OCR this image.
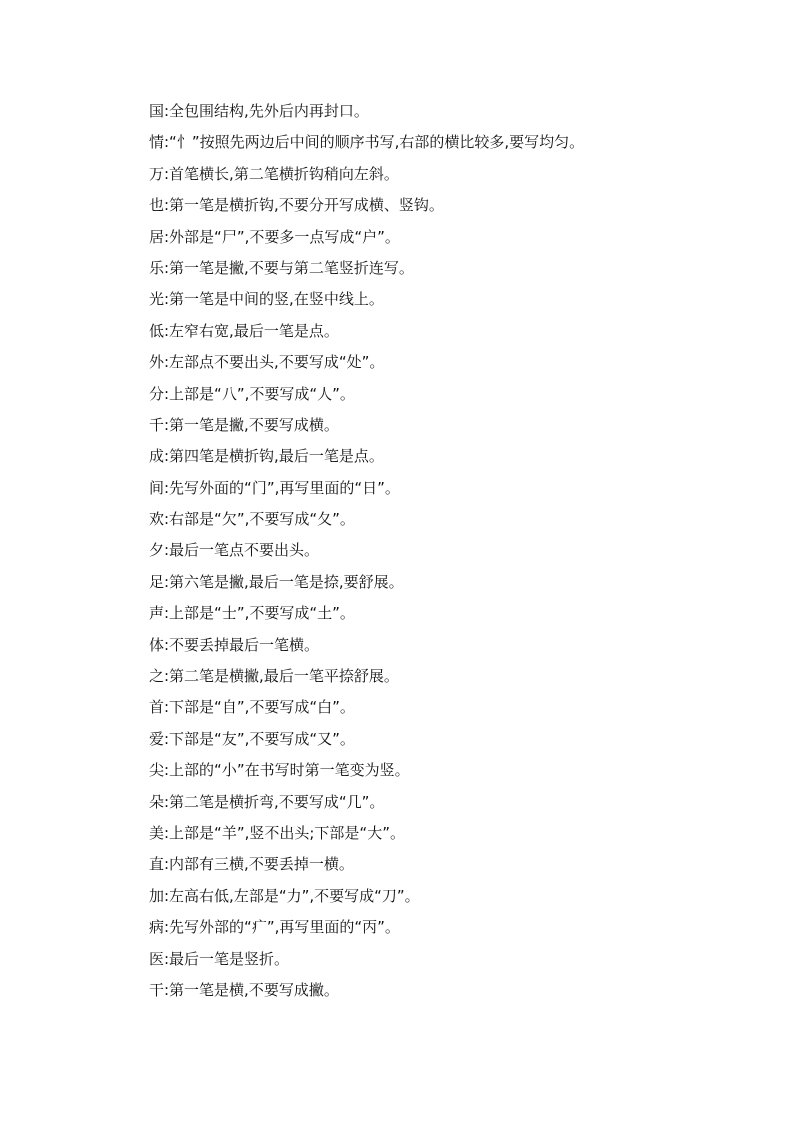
国:全包围结构,先外后内再封口。
情:“忄”按照先两边后中间的顺序书写,右部的横比较多,要写均匀。
万:首笔横长,第二笔横折钩稍向左斜。
也:第一笔是横折钩,不要分开写成横、竖钩。
居:外部是“尸”,不要多一点写成“户”。
乐:第一笔是撇,不要与第二笔竖折连写。
光:第一笔是中间的竖,在竖中线上。
低:左窄右宽,最后一笔是点。
外:左部点不要出头,不要写成“处”。
分:上部是“八”,不要写成“人”。
千:第一笔是撇,不要写成横。
成:第四笔是横折钩,最后一笔是点。
间:先写外面的“门”,再写里面的“日”。
欢:右部是“欠”,不要写成“夂”。
夕:最后一笔点不要出头。
足:第六笔是撇,最后一笔是捺,要舒展。
声:上部是“士”,不要写成“土”。
体:不要丢掉最后一笔横。
之:第二笔是横撇,最后一笔平捺舒展。
首:下部是“自”,不要写成“白”。
爱:下部是“友”,不要写成“又”。
尖:上部的“小”在书写时第一笔变为竖。
朵:第二笔是横折弯,不要写成“几”。
美:上部是“羊”,竖不出头;下部是“大”。
直:内部有三横,不要丢掉一横。
加:左高右低,左部是“力”,不要写成“刀”。
病:先写外部的“疒”,再写里面的“丙”。
医:最后一笔是竖折。
干:第一笔是横,不要写成撇。
